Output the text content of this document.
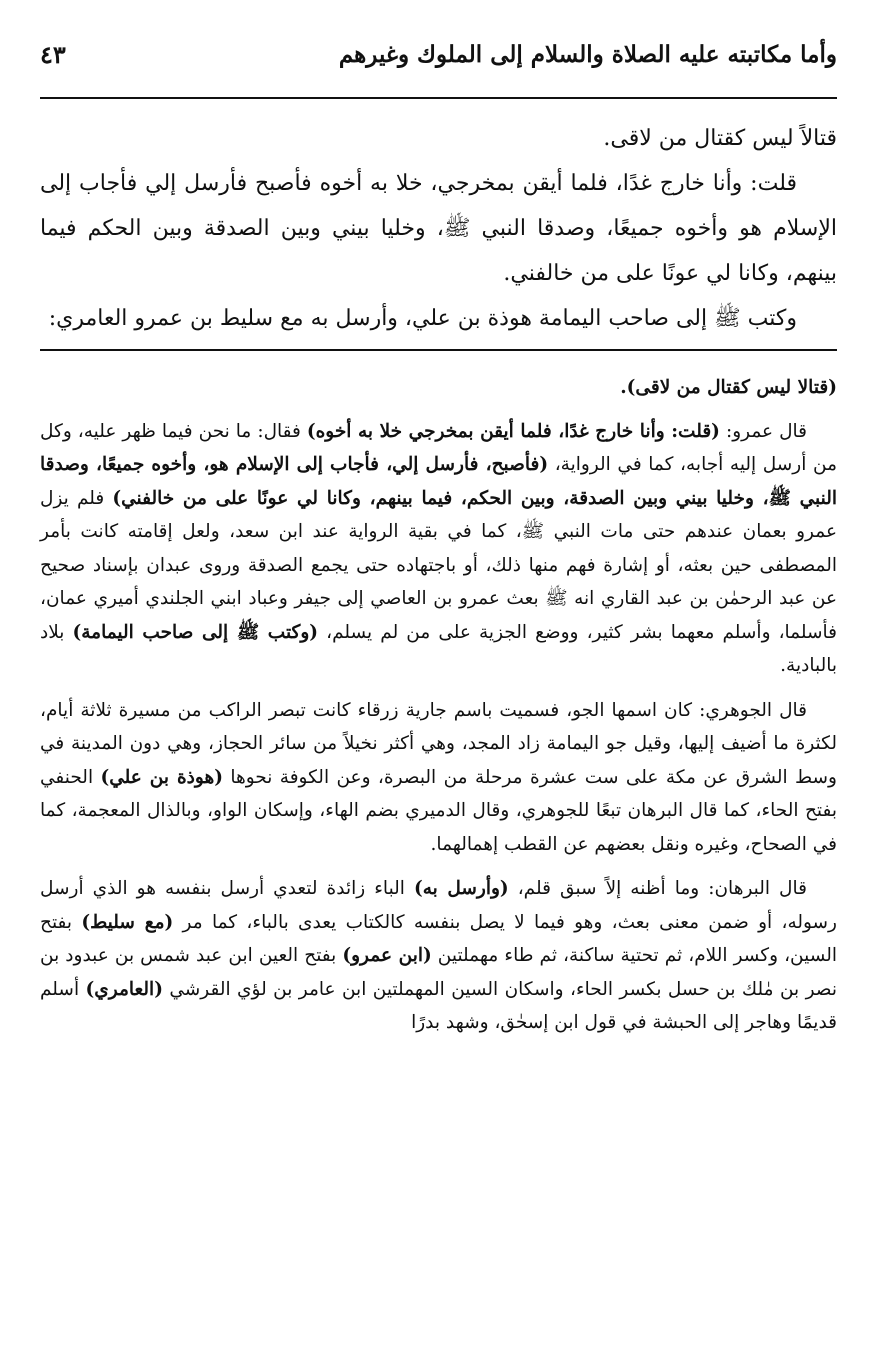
وأما مكاتبته عليه الصلاة والسلام إلى الملوك وغيرهم
٤٣

قتالاً ليس كقتال من لاقى.

قلت: وأنا خارج غدًا، فلما أيقن بمخرجي، خلا به أخوه فأصبح فأرسل إلي فأجاب إلى الإسلام هو وأخوه جميعًا، وصدقا النبي ﷺ، وخليا بيني وبين الصدقة وبين الحكم فيما بينهم، وكانا لي عونًا على من خالفني.

وكتب ﷺ إلى صاحب اليمامة هوذة بن علي، وأرسل به مع سليط بن عمرو العامري:

(قتالا ليس كقتال من لاقى).

قال عمرو: (قلت: وأنا خارج غدًا، فلما أيقن بمخرجي خلا به أخوه) فقال: ما نحن فيما ظهر عليه، وكل من أرسل إليه أجابه، كما في الرواية، (فأصبح، فأرسل إلي، فأجاب إلى الإسلام هو، وأخوه جميعًا، وصدقا النبي ﷺ، وخليا بيني وبين الصدقة، وبين الحكم، فيما بينهم، وكانا لي عونًا على من خالفني) فلم يزل عمرو بعمان عندهم حتى مات النبي ﷺ، كما في بقية الرواية عند ابن سعد، ولعل إقامته كانت بأمر المصطفى حين بعثه، أو إشارة فهم منها ذلك، أو باجتهاده حتى يجمع الصدقة وروى عبدان بإسناد صحيح عن عبد الرحمٰن بن عبد القاري انه ﷺ بعث عمرو بن العاصي إلى جيفر وعباد ابني الجلندي أميري عمان، فأسلما، وأسلم معهما بشر كثير، ووضع الجزية على من لم يسلم، (وكتب ﷺ إلى صاحب اليمامة) بلاد بالبادية.

قال الجوهري: كان اسمها الجو، فسميت باسم جارية زرقاء كانت تبصر الراكب من مسيرة ثلاثة أيام، لكثرة ما أضيف إليها، وقيل جو اليمامة زاد المجد، وهي أكثر نخيلاً من سائر الحجاز، وهي دون المدينة في وسط الشرق عن مكة على ست عشرة مرحلة من البصرة، وعن الكوفة نحوها (هوذة بن علي) الحنفي بفتح الحاء، كما قال البرهان تبعًا للجوهري، وقال الدميري بضم الهاء، وإسكان الواو، وبالذال المعجمة، كما في الصحاح، وغيره ونقل بعضهم عن القطب إهمالهما.

قال البرهان: وما أظنه إلاً سبق قلم، (وأرسل به) الباء زائدة لتعدي أرسل بنفسه هو الذي أرسل رسوله، أو ضمن معنى بعث، وهو فيما لا يصل بنفسه كالكتاب يعدى بالباء، كما مر (مع سليط) بفتح السين، وكسر اللام، ثم تحتية ساكنة، ثم طاء مهملتين (ابن عمرو) بفتح العين ابن عبد شمس بن عبدود بن نصر بن مٰلك بن حسل بكسر الحاء، واسكان السين المهملتين ابن عامر بن لؤي القرشي (العامري) أسلم قديمًا وهاجر إلى الحبشة في قول ابن إسحٰق، وشهد بدرًا
